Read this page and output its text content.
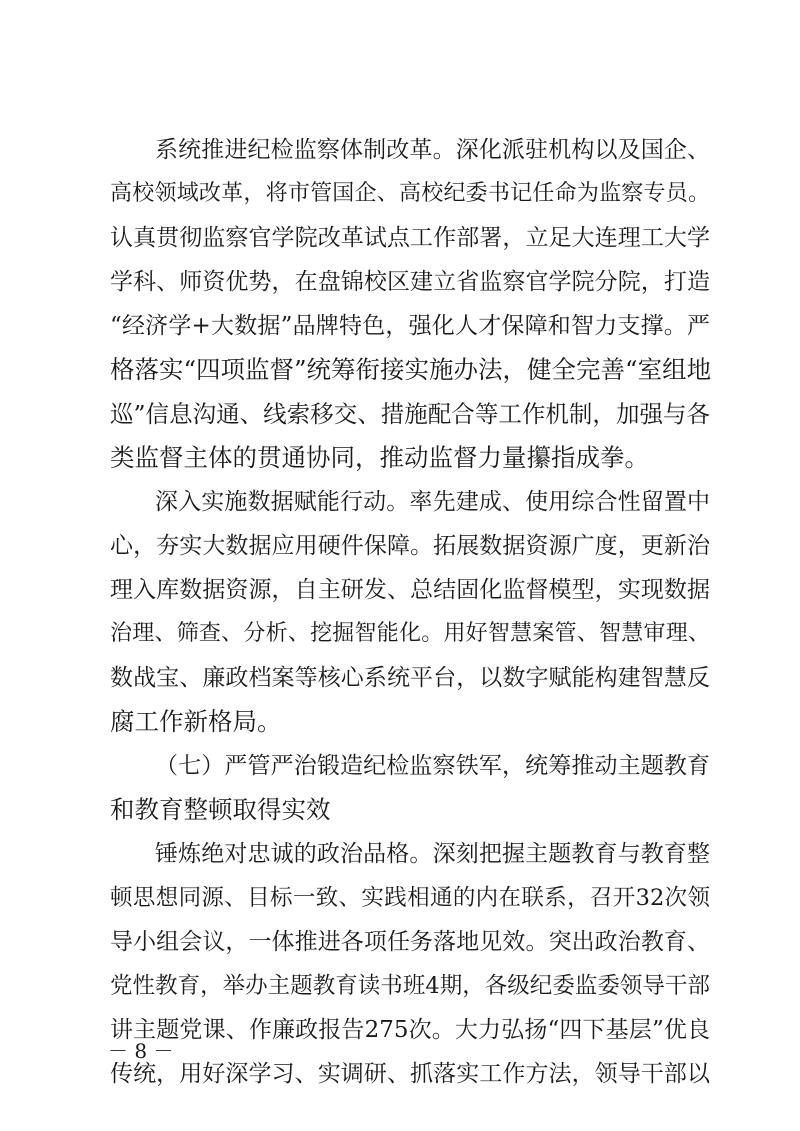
系统推进纪检监察体制改革。深化派驻机构以及国企、
高校领域改革，将市管国企、高校纪委书记任命为监察专员。
认真贯彻监察官学院改革试点工作部署，立足大连理工大学
学科、师资优势，在盘锦校区建立省监察官学院分院，打造
“经济学+大数据”品牌特色，强化人才保障和智力支撑。严
格落实“四项监督”统筹衔接实施办法，健全完善“室组地
巡”信息沟通、线索移交、措施配合等工作机制，加强与各
类监督主体的贯通协同，推动监督力量攥指成拳。
深入实施数据赋能行动。率先建成、使用综合性留置中
心，夯实大数据应用硬件保障。拓展数据资源广度，更新治
理入库数据资源，自主研发、总结固化监督模型，实现数据
治理、筛查、分析、挖掘智能化。用好智慧案管、智慧审理、
数战宝、廉政档案等核心系统平台，以数字赋能构建智慧反
腐工作新格局。
（七）严管严治锻造纪检监察铁军，统筹推动主题教育
和教育整顿取得实效
锤炼绝对忠诚的政治品格。深刻把握主题教育与教育整
顿思想同源、目标一致、实践相通的内在联系，召开32次领
导小组会议，一体推进各项任务落地见效。突出政治教育、
党性教育，举办主题教育读书班4期，各级纪委监委领导干部
讲主题党课、作廉政报告275次。大力弘扬“四下基层”优良
传统，用好深学习、实调研、抓落实工作方法，领导干部以
－ 8 －
